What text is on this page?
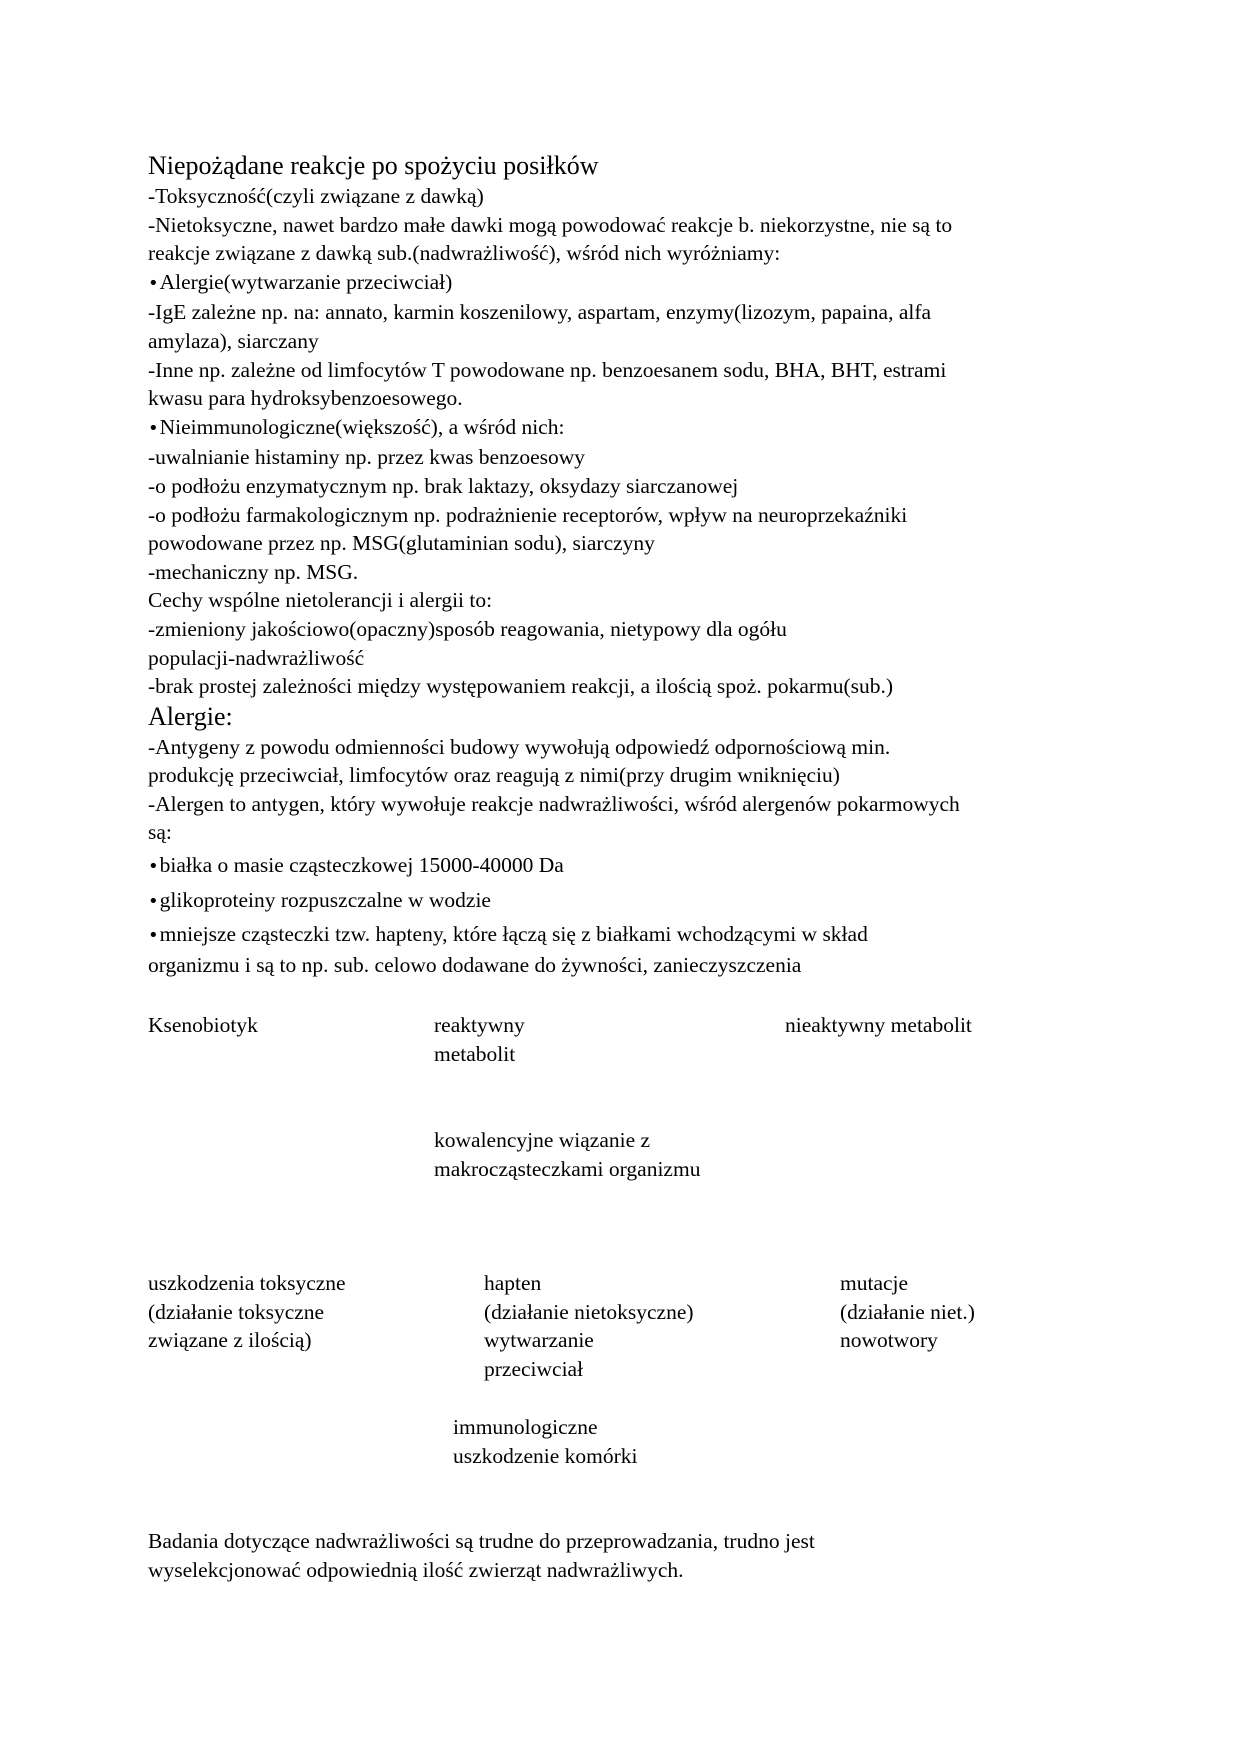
Niepożądane reakcje po spożyciu posiłków

-Toksyczność(czyli związane z dawką)

-Nietoksyczne, nawet bardzo małe dawki mogą powodować reakcje b. niekorzystne, nie są to

reakcje związane z dawką sub.(nadwrażliwość), wśród nich wyróżniamy:

• Alergie(wytwarzanie przeciwciał)

-IgE zależne np. na: annato, karmin koszenilowy, aspartam, enzymy(lizozym, papaina, alfa

amylaza), siarczany

-Inne np. zależne od limfocytów T powodowane np. benzoesanem sodu, BHA, BHT, estrami

kwasu para hydroksybenzoesowego.

• Nieimmunologiczne(większość), a wśród nich:

-uwalnianie histaminy np. przez kwas benzoesowy

-o podłożu enzymatycznym np. brak laktazy, oksydazy siarczanowej

-o podłożu farmakologicznym np. podrażnienie receptorów, wpływ na neuroprzekaźniki

powodowane przez np. MSG(glutaminian sodu), siarczyny

-mechaniczny np. MSG.

Cechy wspólne nietolerancji i alergii to:

-zmieniony jakościowo(opaczny)sposób reagowania, nietypowy dla ogółu

populacji-nadwrażliwość

-brak prostej zależności między występowaniem reakcji, a ilością spoż. pokarmu(sub.)

Alergie:

-Antygeny z powodu odmienności budowy wywołują odpowiedź odpornościową min.

produkcję przeciwciał, limfocytów oraz reagują z nimi(przy drugim wniknięciu)

-Alergen to antygen, który wywołuje reakcje nadwrażliwości, wśród alergenów pokarmowych

są:

• białka o masie cząsteczkowej 15000-40000 Da

• glikoproteiny rozpuszczalne w wodzie

• mniejsze cząsteczki tzw. hapteny, które łączą się z białkami wchodzącymi w skład

organizmu i są to np. sub. celowo dodawane do żywności, zanieczyszczenia

Ksenobiotyk	reaktywny
metabolit
nieaktywny metabolit
kowalencyjne wiązanie z
makrocząsteczkami organizmu
uszkodzenia toksyczne
(działanie toksyczne
związane z ilością)
hapten
(działanie nietoksyczne)
wytwarzanie
przeciwciał
mutacje
(działanie niet.)
nowotwory
immunologiczne
uszkodzenie komórki
Badania dotyczące nadwrażliwości są trudne do przeprowadzania, trudno jest
wyselekcjonować odpowiednią ilość zwierząt nadwrażliwych.
